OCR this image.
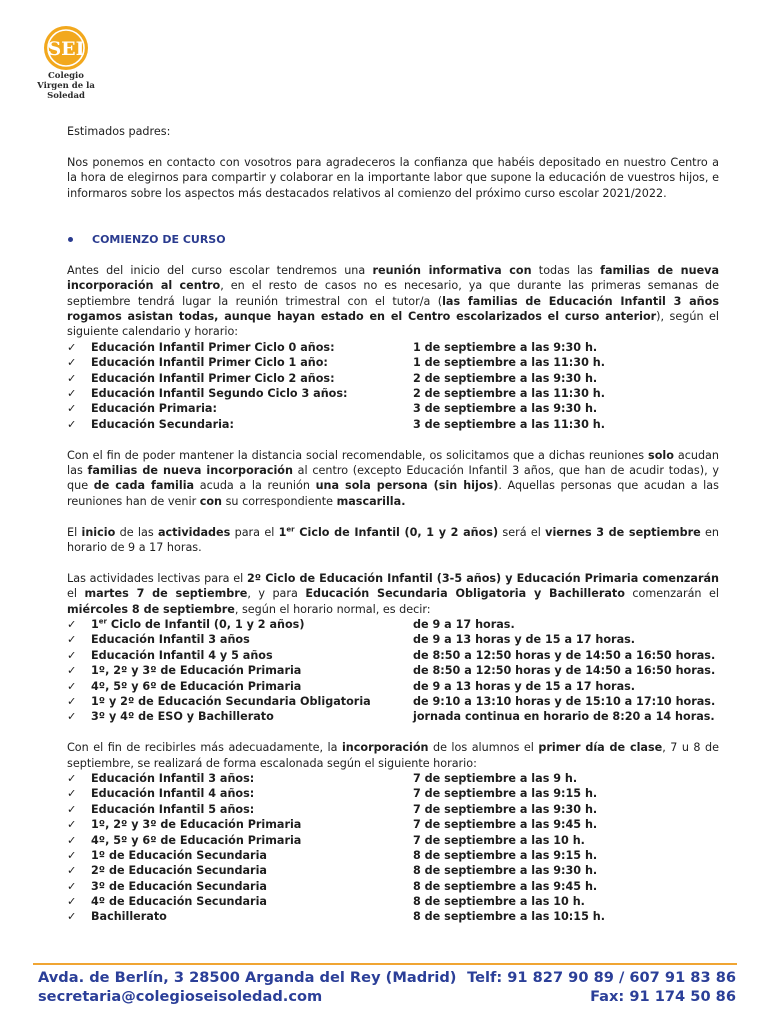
SEI
Colegio
Virgen de la Soledad

Estimados padres:

Nos ponemos en contacto con vosotros para agradeceros la confianza que habéis depositado en nuestro Centro a la hora de elegirnos para compartir y colaborar en la importante labor que supone la educación de vuestros hijos, e informaros sobre los aspectos más destacados relativos al comienzo del próximo curso escolar 2021/2022.

COMIENZO DE CURSO

Antes del inicio del curso escolar tendremos una reunión informativa con todas las familias de nueva incorporación al centro, en el resto de casos no es necesario, ya que durante las primeras semanas de septiembre tendrá lugar la reunión trimestral con el tutor/a (las familias de Educación Infantil 3 años rogamos asistan todas, aunque hayan estado en el Centro escolarizados el curso anterior), según el siguiente calendario y horario:

✓	Educación Infantil Primer Ciclo 0 años:	1 de septiembre a las 9:30 h.
✓	Educación Infantil Primer Ciclo 1 año:	1 de septiembre a las 11:30 h.
✓	Educación Infantil Primer Ciclo 2 años:	2 de septiembre a las 9:30 h.
✓	Educación Infantil Segundo Ciclo 3 años:	2 de septiembre a las 11:30 h.
✓	Educación Primaria:	3 de septiembre a las 9:30 h.
✓	Educación Secundaria:	3 de septiembre a las 11:30 h.

Con el fin de poder mantener la distancia social recomendable, os solicitamos que a dichas reuniones solo acudan las familias de nueva incorporación al centro (excepto Educación Infantil 3 años, que han de acudir todas), y que de cada familia acuda a la reunión una sola persona (sin hijos). Aquellas personas que acudan a las reuniones han de venir con su correspondiente mascarilla.

El inicio de las actividades para el 1er Ciclo de Infantil (0, 1 y 2 años) será el viernes 3 de septiembre en horario de 9 a 17 horas.

Las actividades lectivas para el 2º Ciclo de Educación Infantil (3-5 años) y Educación Primaria comenzarán el martes 7 de septiembre, y para Educación Secundaria Obligatoria y Bachillerato comenzarán el miércoles 8 de septiembre, según el horario normal, es decir:

✓	1er Ciclo de Infantil (0, 1 y 2 años)	de 9 a 17 horas.
✓	Educación Infantil 3 años	de 9 a 13 horas y de 15 a 17 horas.
✓	Educación Infantil 4 y 5 años	de 8:50 a 12:50 horas y de 14:50 a 16:50 horas.
✓	1º, 2º y 3º de Educación Primaria	de 8:50 a 12:50 horas y de 14:50 a 16:50 horas.
✓	4º, 5º y 6º de Educación Primaria	de 9 a 13 horas y de 15 a 17 horas.
✓	1º y 2º de Educación Secundaria Obligatoria	de 9:10 a 13:10 horas y de 15:10 a 17:10 horas.
✓	3º y 4º de ESO y Bachillerato	jornada continua en horario de 8:20 a 14 horas.

Con el fin de recibirles más adecuadamente, la incorporación de los alumnos el primer día de clase, 7 u 8 de septiembre, se realizará de forma escalonada según el siguiente horario:

✓	Educación Infantil 3 años:	7 de septiembre a las 9 h.
✓	Educación Infantil 4 años:	7 de septiembre a las 9:15 h.
✓	Educación Infantil 5 años:	7 de septiembre a las 9:30 h.
✓	1º, 2º y 3º de Educación Primaria	7 de septiembre a las 9:45 h.
✓	4º, 5º y 6º de Educación Primaria	7 de septiembre a las 10 h.
✓	1º de Educación Secundaria	8 de septiembre a las 9:15 h.
✓	2º de Educación Secundaria	8 de septiembre a las 9:30 h.
✓	3º de Educación Secundaria	8 de septiembre a las 9:45 h.
✓	4º de Educación Secundaria	8 de septiembre a las 10 h.
✓	Bachillerato	8 de septiembre a las 10:15 h.
Avda. de Berlín, 3 28500 Arganda del Rey (Madrid) Telf: 91 827 90 89 / 607 91 83 86
secretaria@colegioseisoledad.com	Fax: 91 174 50 86
